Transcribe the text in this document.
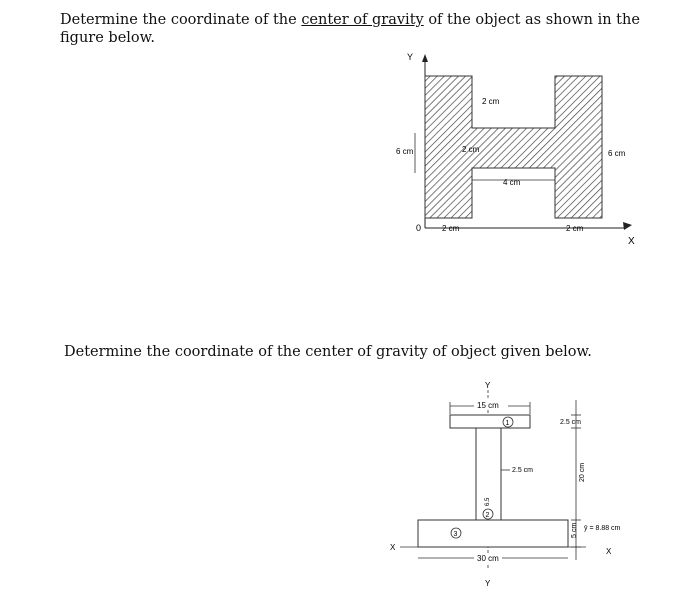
Determine the coordinate of the center of gravity of the object as shown in the figure below.
Y
X
0
2 cm
6 cm	2 cm
4 cm
2 cm	2 cm
6 cm
Determine the coordinate of the center of gravity of object given below.
Y
Y
X	X
1
2
3
6.5
15 cm
2.5 cm
20 cm
5 cm ȳ = 8.88 cm
2.5 cm
30 cm
